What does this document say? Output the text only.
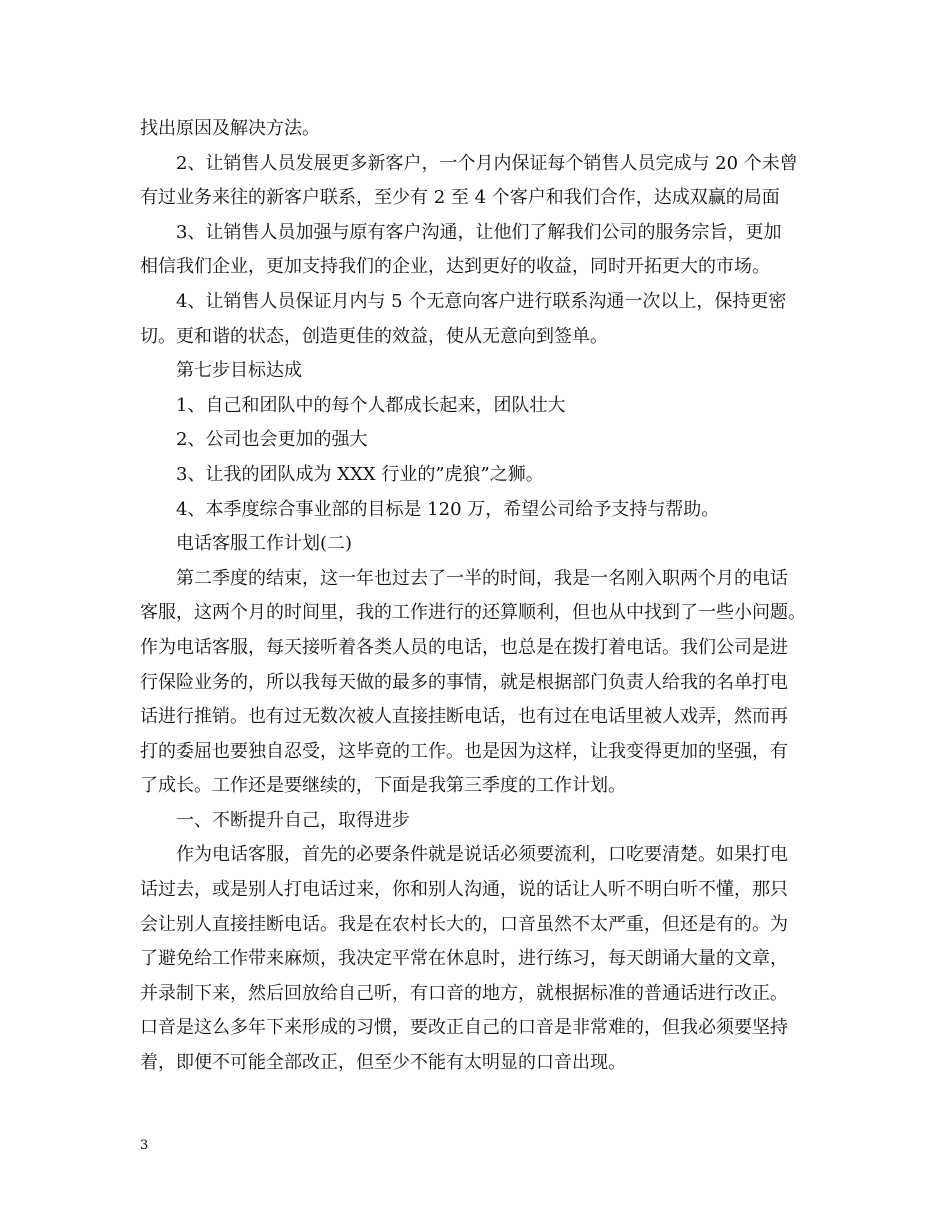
找出原因及解决方法。
2、让销售人员发展更多新客户，一个月内保证每个销售人员完成与 20 个未曾
有过业务来往的新客户联系，至少有 2 至 4 个客户和我们合作，达成双赢的局面
3、让销售人员加强与原有客户沟通，让他们了解我们公司的服务宗旨，更加
相信我们企业，更加支持我们的企业，达到更好的收益，同时开拓更大的市场。
4、让销售人员保证月内与 5 个无意向客户进行联系沟通一次以上，保持更密
切。更和谐的状态，创造更佳的效益，使从无意向到签单。
第七步目标达成
1、自己和团队中的每个人都成长起来，团队壮大
2、公司也会更加的强大
3、让我的团队成为 XXX 行业的”虎狼”之狮。
4、本季度综合事业部的目标是 120 万，希望公司给予支持与帮助。
电话客服工作计划(二)
第二季度的结束，这一年也过去了一半的时间，我是一名刚入职两个月的电话
客服，这两个月的时间里，我的工作进行的还算顺利，但也从中找到了一些小问题。
作为电话客服，每天接听着各类人员的电话，也总是在拨打着电话。我们公司是进
行保险业务的，所以我每天做的最多的事情，就是根据部门负责人给我的名单打电
话进行推销。也有过无数次被人直接挂断电话，也有过在电话里被人戏弄，然而再
打的委屈也要独自忍受，这毕竟的工作。也是因为这样，让我变得更加的坚强，有
了成长。工作还是要继续的，下面是我第三季度的工作计划。
一、不断提升自己，取得进步
作为电话客服，首先的必要条件就是说话必须要流利，口吃要清楚。如果打电
话过去，或是别人打电话过来，你和别人沟通，说的话让人听不明白听不懂，那只
会让别人直接挂断电话。我是在农村长大的，口音虽然不太严重，但还是有的。为
了避免给工作带来麻烦，我决定平常在休息时，进行练习，每天朗诵大量的文章，
并录制下来，然后回放给自己听，有口音的地方，就根据标准的普通话进行改正。
口音是这么多年下来形成的习惯，要改正自己的口音是非常难的，但我必须要坚持
着，即便不可能全部改正，但至少不能有太明显的口音出现。
3
